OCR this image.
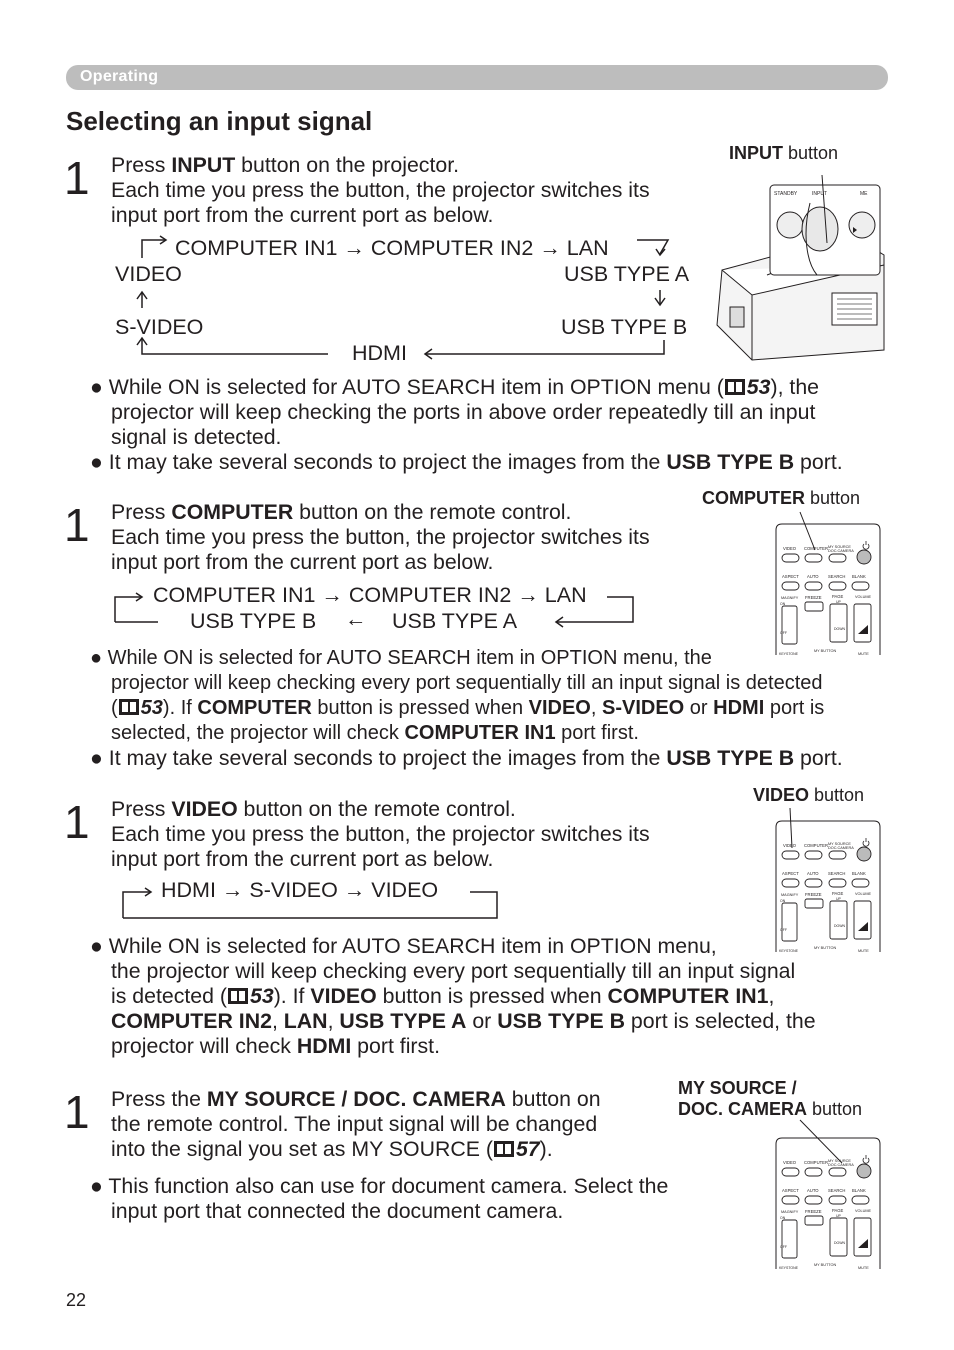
Operating
Selecting an input signal
1 Press INPUT button on the projector.
Each time you press the button, the projector switches its
input port from the current port as below.
COMPUTER IN1 → COMPUTER IN2 → LAN
VIDEO	USB TYPE A
S-VIDEO	USB TYPE B
HDMI
INPUT button
STANDBY	INPUT	ME
● While ON is selected for AUTO SEARCH item in OPTION menu ( 53), the
projector will keep checking the ports in above order repeatedly till an input
signal is detected.
● It may take several seconds to project the images from the USB TYPE B port.
1 Press COMPUTER button on the remote control.
Each time you press the button, the projector switches its
input port from the current port as below.
COMPUTER IN1 → COMPUTER IN2 → LAN
USB TYPE B ← USB TYPE A
COMPUTER button
● While ON is selected for AUTO SEARCH item in OPTION menu, the
projector will keep checking every port sequentially till an input signal is detected
( 53). If COMPUTER button is pressed when VIDEO, S-VIDEO or HDMI port is
selected, the projector will check COMPUTER IN1 port first.
● It may take several seconds to project the images from the USB TYPE B port.
1 Press VIDEO button on the remote control.
Each time you press the button, the projector switches its
input port from the current port as below.
HDMI → S-VIDEO → VIDEO
VIDEO button
● While ON is selected for AUTO SEARCH item in OPTION menu,
the projector will keep checking every port sequentially till an input signal
is detected ( 53). If VIDEO button is pressed when COMPUTER IN1,
COMPUTER IN2, LAN, USB TYPE A or USB TYPE B port is selected, the
projector will check HDMI port first.
1 Press the MY SOURCE / DOC. CAMERA button on
the remote control. The input signal will be changed
into the signal you set as MY SOURCE ( 57).
MY SOURCE /
DOC. CAMERA button
● This function also can use for document camera. Select the
input port that connected the document camera.
VIDEO COMPUTER MY SOURCE
DOC.CAMERA
ASPECT AUTO SEARCH BLANK
MAGNIFY FREEZE PAGE	VOLUME
ON	UP
OFF
DOWN
MY BUTTON
MUTE
KEYSTONE
VIDEO COMPUTER MY SOURCE
DOC.CAMERA
ASPECT AUTO SEARCH BLANK
MAGNIFY FREEZE PAGE	VOLUME
ON	UP
OFF
DOWN
MY BUTTON
MUTE
KEYSTONE
VIDEO COMPUTER MY SOURCE
DOC.CAMERA
ASPECT AUTO SEARCH BLANK
MAGNIFY FREEZE PAGE	VOLUME
ON	UP
OFF
DOWN
MY BUTTON
MUTE
KEYSTONE
22
